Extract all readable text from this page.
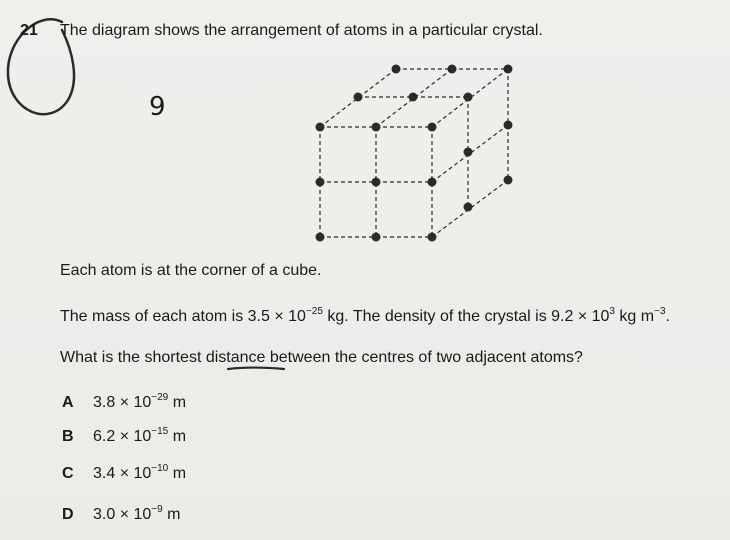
21 The diagram shows the arrangement of atoms in a particular crystal.
9
Each atom is at the corner of a cube.
The mass of each atom is $3.5 \times 10^{-25}$ kg. The density of the crystal is $9.2 \times 10^3$ kg $m^{-3}$.
What is the shortest distance between the centres of two adjacent atoms?
A $3.8 \times 10^{-29}$ m
B $6.2 \times 10^{-15}$ m
C $3.4 \times 10^{-10}$ m
D $3.0 \times 10^{-9}$ m
